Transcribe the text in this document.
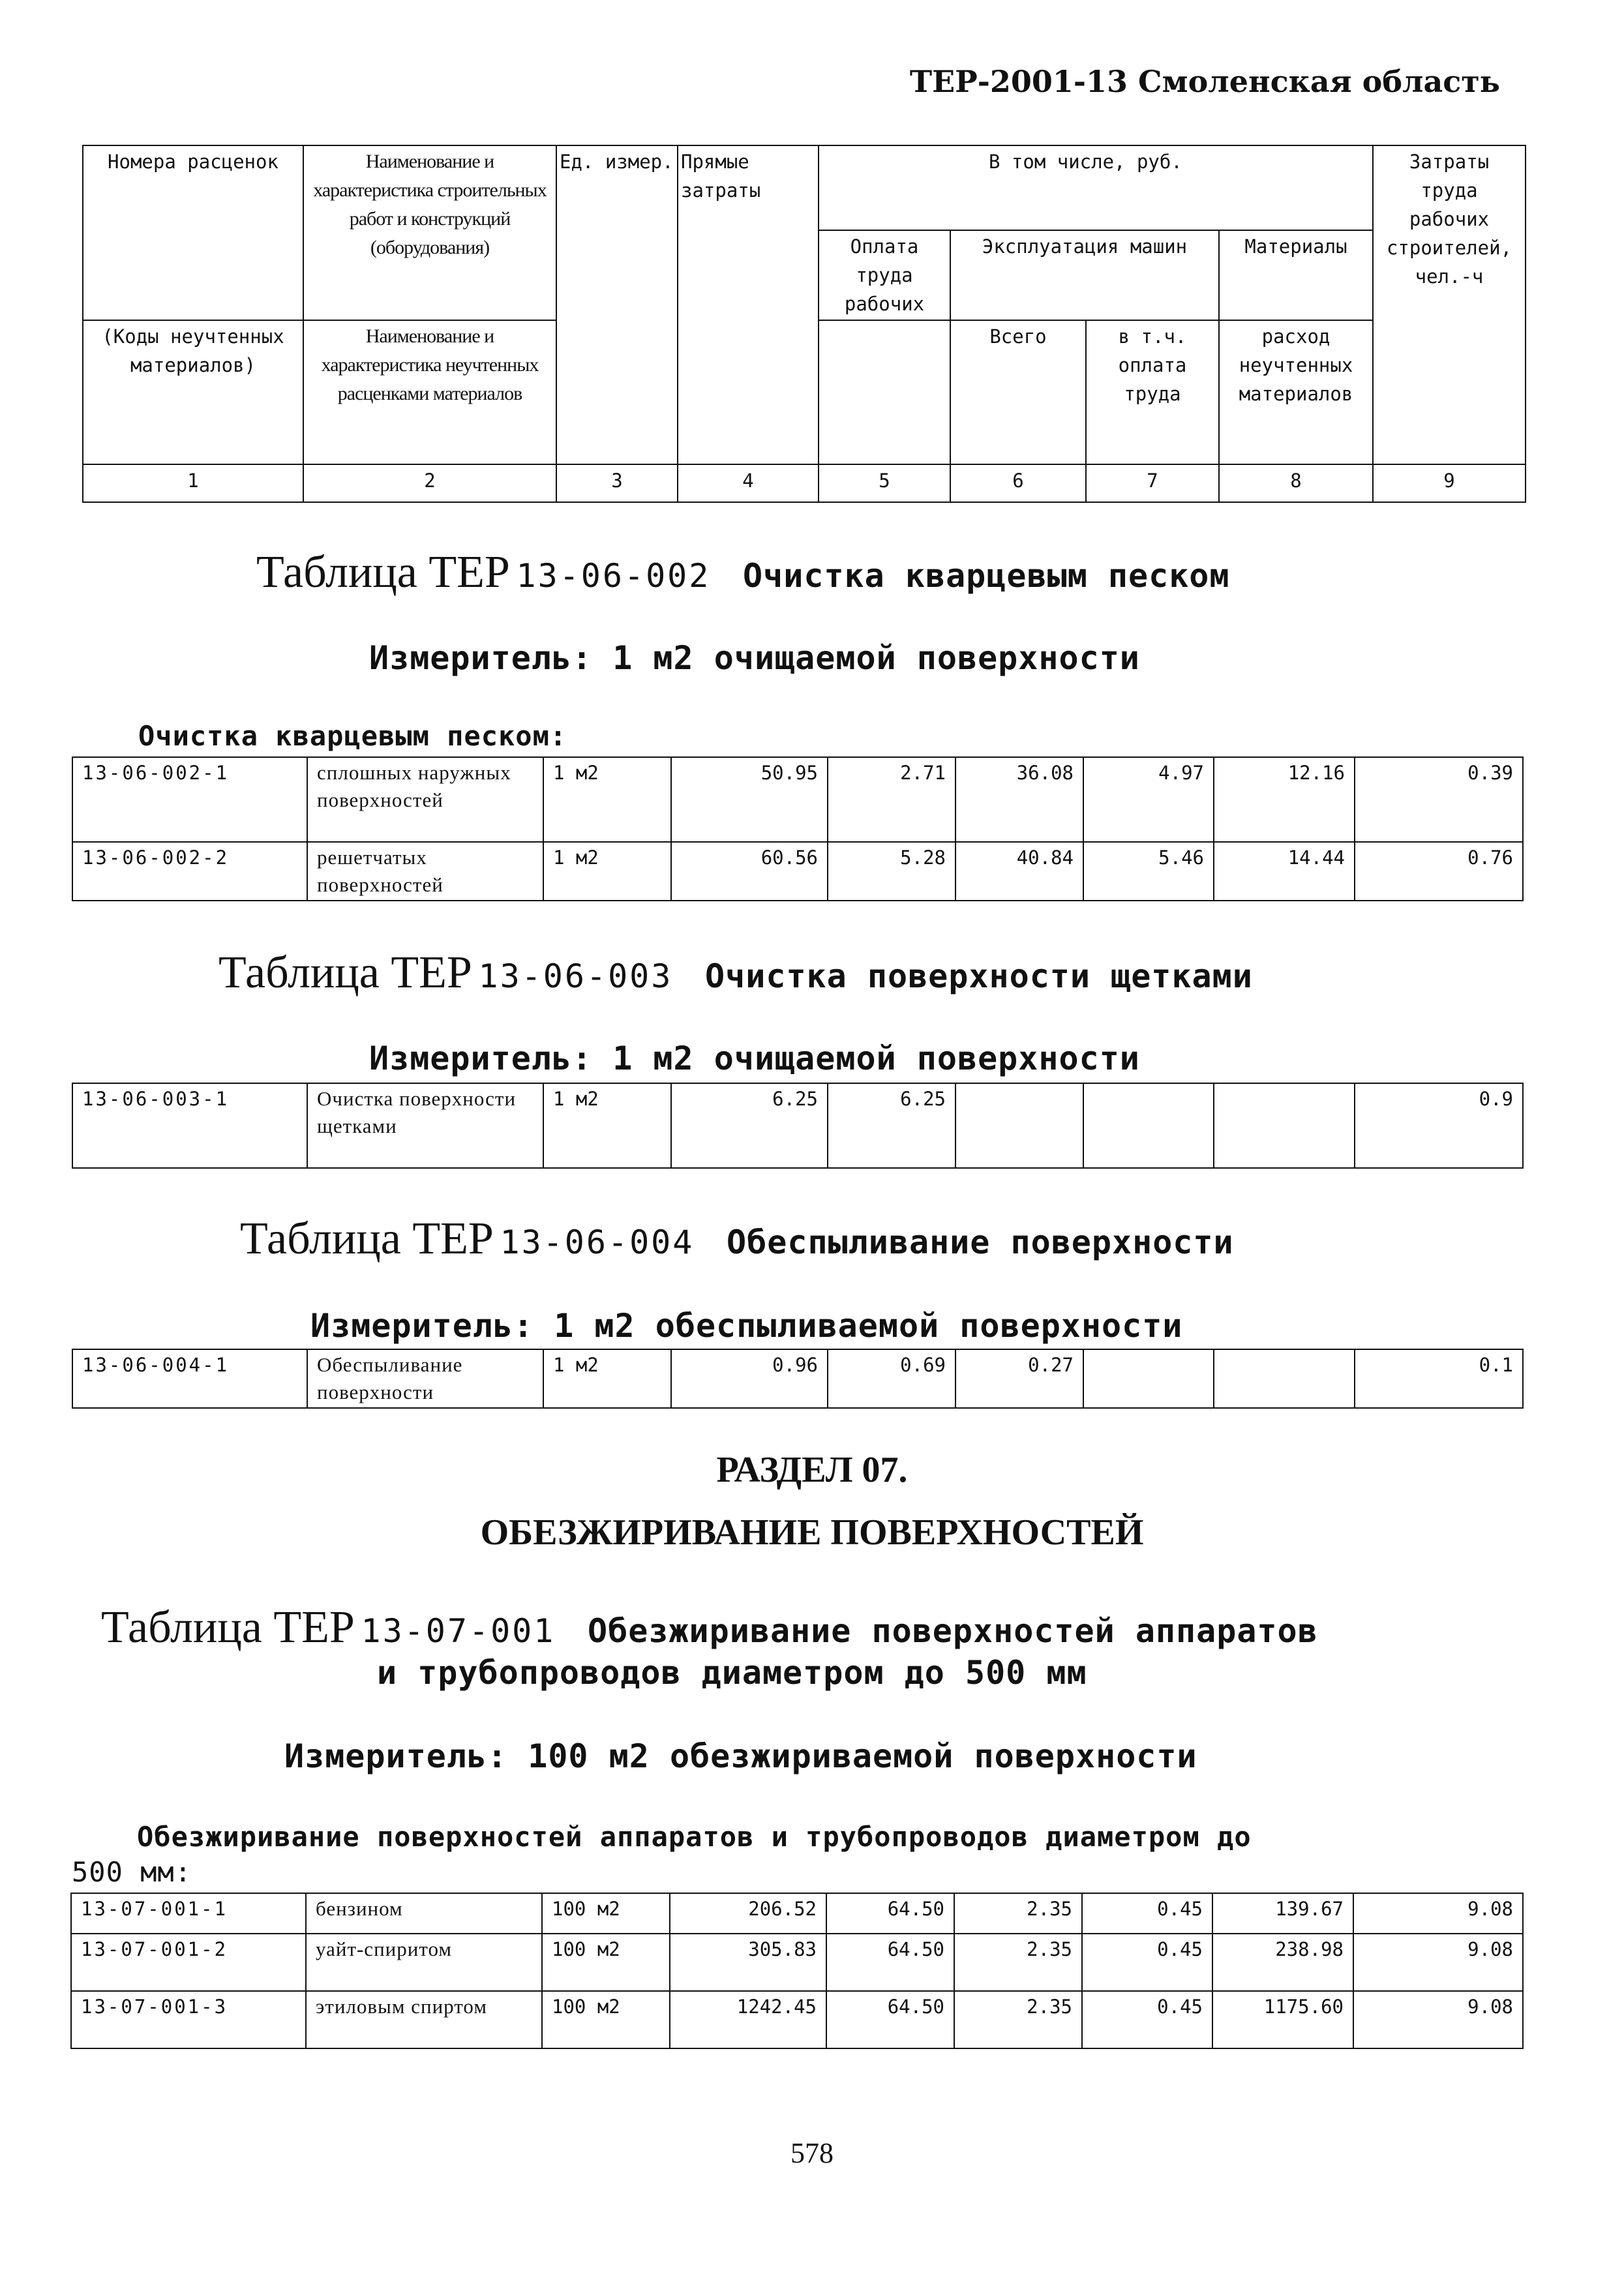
ТЕР-2001-13 Смоленская область
Номера расценок	Наименование и характеристика строительных работ и конструкций (оборудования)	Ед. измер.	Прямые затраты	В том числе, руб.				Затраты труда рабочих строителей, чел.-ч
				Оплата труда рабочих	Эксплуатация машин		Материалы	
(Коды неучтенных материалов)	Наименование и характеристика неучтенных расценками материалов				Всего	в т.ч. оплата труда	расход неучтенных материалов	

1	2	3	4	5	6	7	8	9
Таблица ТЕР 13-06-002 Очистка кварцевым песком
Измеритель: 1 м2 очищаемой поверхности
Очистка кварцевым песком:
13-06-002-1	сплошных наружных поверхностей	1 м2	50.95	2.71	36.08	4.97	12.16	0.39
13-06-002-2	решетчатых поверхностей	1 м2	60.56	5.28	40.84	5.46	14.44	0.76
Таблица ТЕР 13-06-003 Очистка поверхности щетками
Измеритель: 1 м2 очищаемой поверхности
13-06-003-1	Очистка поверхности щетками	1 м2	6.25	6.25				0.9
Таблица ТЕР 13-06-004 Обеспыливание поверхности
Измеритель: 1 м2 обеспыливаемой поверхности
13-06-004-1	Обеспыливание поверхности	1 м2	0.96	0.69	0.27			0.1
РАЗДЕЛ 07.
ОБЕЗЖИРИВАНИЕ ПОВЕРХНОСТЕЙ
Таблица ТЕР 13-07-001 Обезжиривание поверхностей аппаратов
и трубопроводов диаметром до 500 мм
Измеритель: 100 м2 обезжириваемой поверхности
Обезжиривание поверхностей аппаратов и трубопроводов диаметром до
500 мм:
13-07-001-1	бензином	100 м2	206.52	64.50	2.35	0.45	139.67	9.08
13-07-001-2	уайт-спиритом	100 м2	305.83	64.50	2.35	0.45	238.98	9.08
13-07-001-3	этиловым спиртом	100 м2	1242.45	64.50	2.35	0.45	1175.60	9.08
578
